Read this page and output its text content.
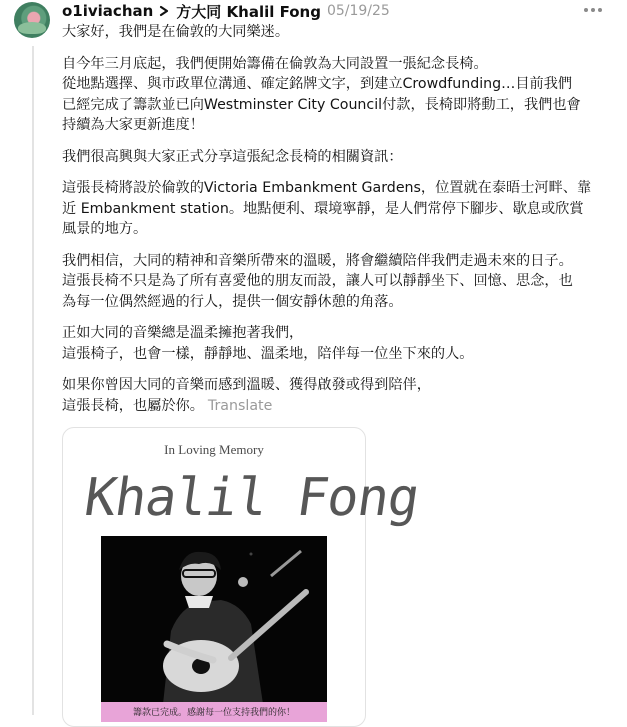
o1iviachan 方大同 Khalil Fong 05/19/25

大家好，我們是在倫敦的大同樂迷。

自今年三月底起，我們便開始籌備在倫敦為大同設置一張紀念長椅。
從地點選擇、與市政單位溝通、確定銘牌文字，到建立Crowdfunding…目前我們
已經完成了籌款並已向Westminster City Council付款，長椅即將動工，我們也會
持續為大家更新進度！

我們很高興與大家正式分享這張紀念長椅的相關資訊：

這張長椅將設於倫敦的Victoria Embankment Gardens，位置就在泰晤士河畔、靠
近 Embankment station。地點便利、環境寧靜，是人們常停下腳步、歇息或欣賞
風景的地方。

我們相信，大同的精神和音樂所帶來的溫暖，將會繼續陪伴我們走過未來的日子。
這張長椅不只是為了所有喜愛他的朋友而設，讓人可以靜靜坐下、回憶、思念，也
為每一位偶然經過的行人，提供一個安靜休憩的角落。

正如大同的音樂總是溫柔擁抱著我們，
這張椅子，也會一樣，靜靜地、溫柔地，陪伴每一位坐下來的人。

如果你曾因大同的音樂而感到溫暖、獲得啟發或得到陪伴，
這張長椅，也屬於你。 Translate

In Loving Memory
Khalil Fong
籌款已完成。感謝每一位支持我們的你！
